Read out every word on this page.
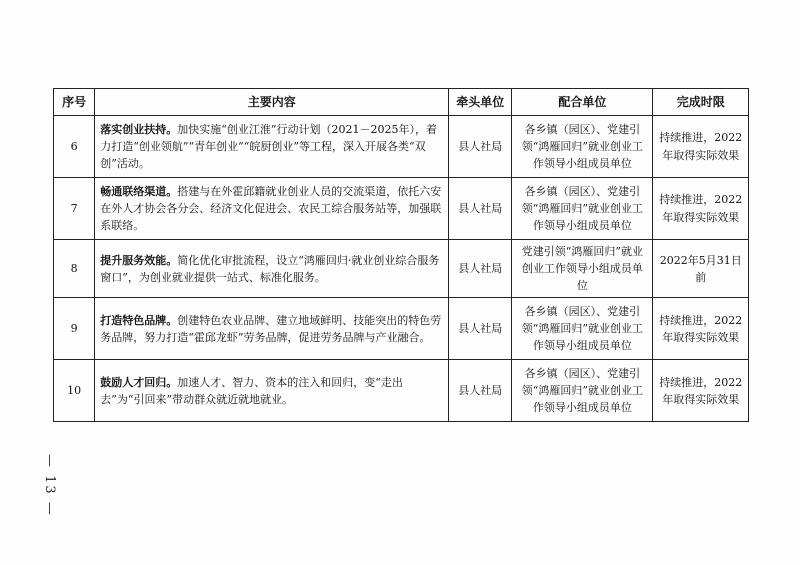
序号	主要内容	牵头单位	配合单位	完成时限
6	落实创业扶持。加快实施“创业江淮”行动计划（2021－2025年），着力打造“创业领航”“青年创业”“皖厨创业”等工程，深入开展各类“双创”活动。	县人社局	各乡镇（园区）、党建引领“鸿雁回归”就业创业工作领导小组成员单位	持续推进，2022年取得实际效果
7	畅通联络渠道。搭建与在外霍邱籍就业创业人员的交流渠道，依托六安在外人才协会各分会、经济文化促进会、农民工综合服务站等，加强联系联络。	县人社局	各乡镇（园区）、党建引领“鸿雁回归”就业创业工作领导小组成员单位	持续推进，2022年取得实际效果
8	提升服务效能。简化优化审批流程，设立“鸿雁回归·就业创业综合服务窗口”，为创业就业提供一站式、标准化服务。	县人社局	党建引领“鸿雁回归”就业创业工作领导小组成员单位	2022年5月31日前
9	打造特色品牌。创建特色农业品牌、建立地域鲜明、技能突出的特色劳务品牌，努力打造“霍邱龙虾”劳务品牌，促进劳务品牌与产业融合。	县人社局	各乡镇（园区）、党建引领“鸿雁回归”就业创业工作领导小组成员单位	持续推进，2022年取得实际效果
10	鼓励人才回归。加速人才、智力、资本的注入和回归，变“走出去”为“引回来”带动群众就近就地就业。	县人社局	各乡镇（园区）、党建引领“鸿雁回归”就业创业工作领导小组成员单位	持续推进，2022年取得实际效果
— 13 —
